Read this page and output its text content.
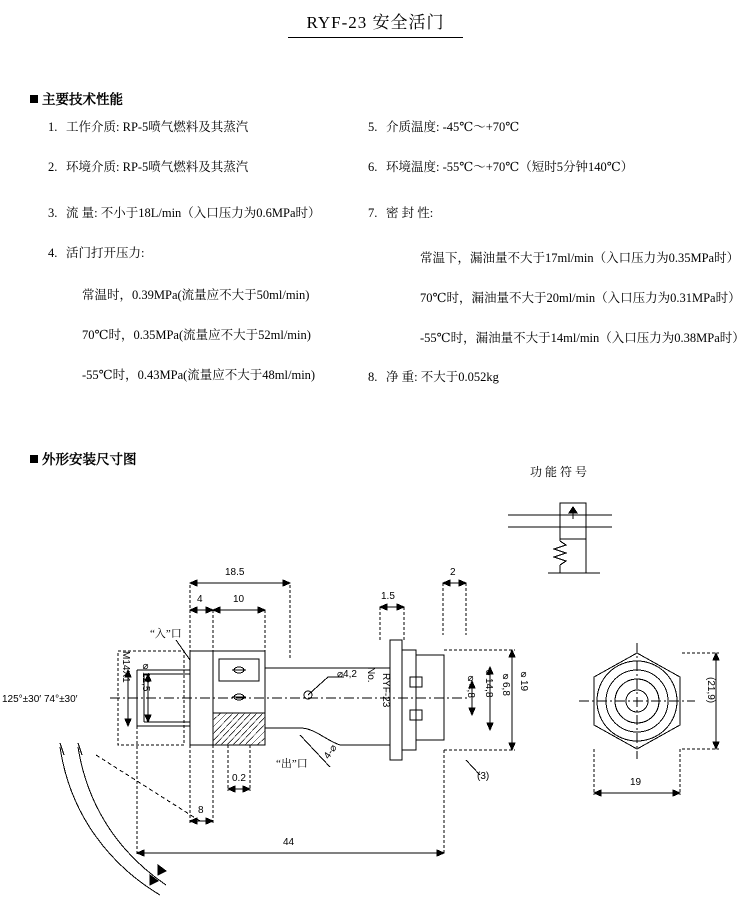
RYF-23 安全活门
主要技术性能
1. 工作介质: RP-5喷气燃料及其蒸汽
2. 环境介质: RP-5喷气燃料及其蒸汽
3. 流 量: 不小于18L/min（入口压力为0.6MPa时）
4. 活门打开压力:
常温时，0.39MPa(流量应不大于50ml/min)
70℃时，0.35MPa(流量应不大于52ml/min)
-55℃时，0.43MPa(流量应不大于48ml/min)
5. 介质温度: -45℃～+70℃
6. 环境温度: -55℃～+70℃（短时5分钟140℃）
7. 密 封 性:
常温下，漏油量不大于17ml/min（入口压力为0.35MPa时）
70℃时，漏油量不大于20ml/min（入口压力为0.31MPa时）
-55℃时，漏油量不大于14ml/min（入口压力为0.38MPa时）
8. 净 重: 不大于0.052kg
外形安装尺寸图
功 能 符 号
18.5
4	10
2
1.5
“入”口
“出”口
M14X1 ⌀12,5	⌀4,2 No. RYF-23	⌀4,8 ⌀14,8 ⌀6,8 ⌀19
(3)
0.2
8
44
125°±30′ 74°±30′
4-⌀
19
(21,9)
